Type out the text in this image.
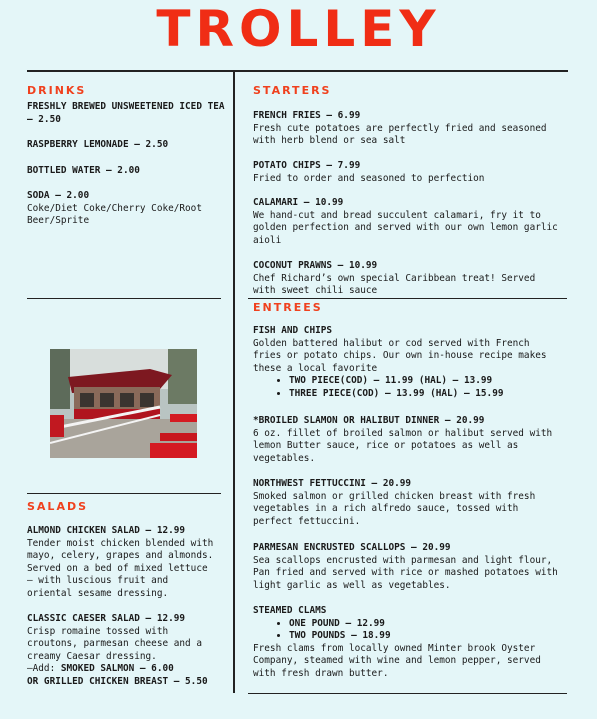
TROLLEY
DRINKS
FRESHLY BREWED UNSWEETENED ICED TEA – 2.50
RASPBERRY LEMONADE – 2.50
BOTTLED WATER – 2.00
SODA – 2.00
Coke/Diet Coke/Cherry Coke/Root Beer/Sprite
SALADS
ALMOND CHICKEN SALAD – 12.99
Tender moist chicken blended with mayo, celery, grapes and almonds. Served on a bed of mixed lettuce – with luscious fruit and oriental sesame dressing.
CLASSIC CAESER SALAD – 12.99
Crisp romaine tossed with croutons, parmesan cheese and a creamy Caesar dressing.
–Add: SMOKED SALMON – 6.00
OR GRILLED CHICKEN BREAST – 5.50
STARTERS
FRENCH FRIES – 6.99
Fresh cute potatoes are perfectly fried and seasoned with herb blend or sea salt
POTATO CHIPS – 7.99
Fried to order and seasoned to perfection
CALAMARI – 10.99
We hand-cut and bread succulent calamari, fry it to golden perfection and served with our own lemon garlic aioli
COCONUT PRAWNS – 10.99
Chef Richard’s own special Caribbean treat! Served with sweet chili sauce
ENTREES
FISH AND CHIPS
Golden battered halibut or cod served with French fries or potato chips. Our own in-house recipe makes these a local favorite
• TWO PIECE(COD) – 11.99 (HAL) – 13.99
• THREE PIECE(COD) – 13.99 (HAL) – 15.99
*BROILED SLAMON OR HALIBUT DINNER – 20.99
6 oz. fillet of broiled salmon or halibut served with lemon Butter sauce, rice or potatoes as well as vegetables.
NORTHWEST FETTUCCINI – 20.99
Smoked salmon or grilled chicken breast with fresh vegetables in a rich alfredo sauce, tossed with perfect fettuccini.
PARMESAN ENCRUSTED SCALLOPS – 20.99
Sea scallops encrusted with parmesan and light flour, Pan fried and served with rice or mashed potatoes with light garlic as well as vegetables.
STEAMED CLAMS
• ONE POUND – 12.99
• TWO POUNDS – 18.99
Fresh clams from locally owned Minter brook Oyster Company, steamed with wine and lemon pepper, served with fresh drawn butter.
